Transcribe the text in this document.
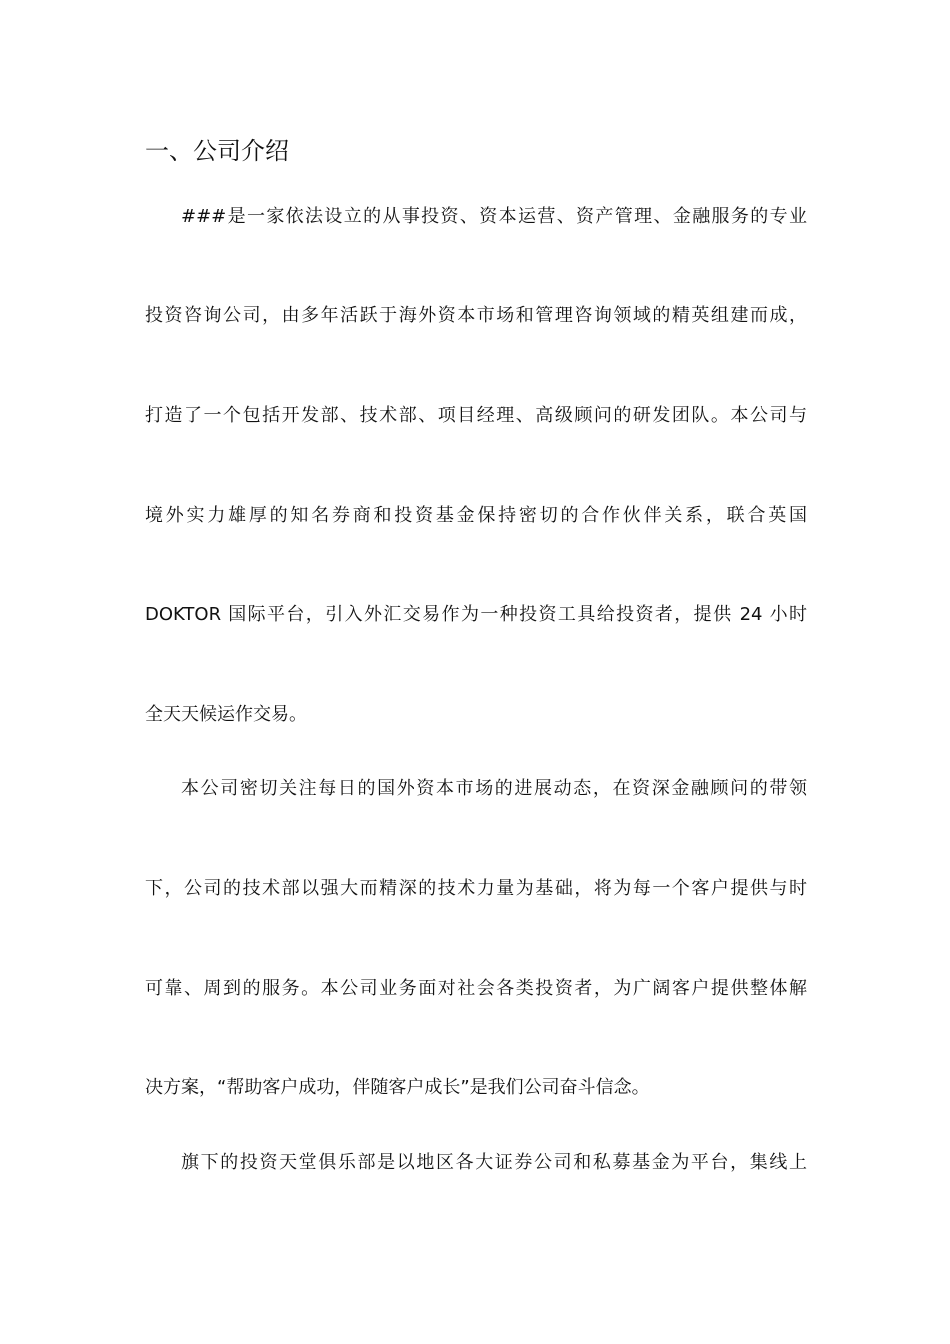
一、公司介绍
###是一家依法设立的从事投资、资本运营、资产管理、金融服务的专业
投资咨询公司，由多年活跃于海外资本市场和管理咨询领域的精英组建而成，
打造了一个包括开发部、技术部、项目经理、高级顾问的研发团队。本公司与
境外实力雄厚的知名券商和投资基金保持密切的合作伙伴关系，联合英国
DOKTOR 国际平台，引入外汇交易作为一种投资工具给投资者，提供 24 小时
全天天候运作交易。
本公司密切关注每日的国外资本市场的进展动态，在资深金融顾问的带领
下，公司的技术部以强大而精深的技术力量为基础，将为每一个客户提供与时
可靠、周到的服务。本公司业务面对社会各类投资者，为广阔客户提供整体解
决方案，“帮助客户成功，伴随客户成长”是我们公司奋斗信念。
旗下的投资天堂俱乐部是以地区各大证券公司和私募基金为平台，集线上
